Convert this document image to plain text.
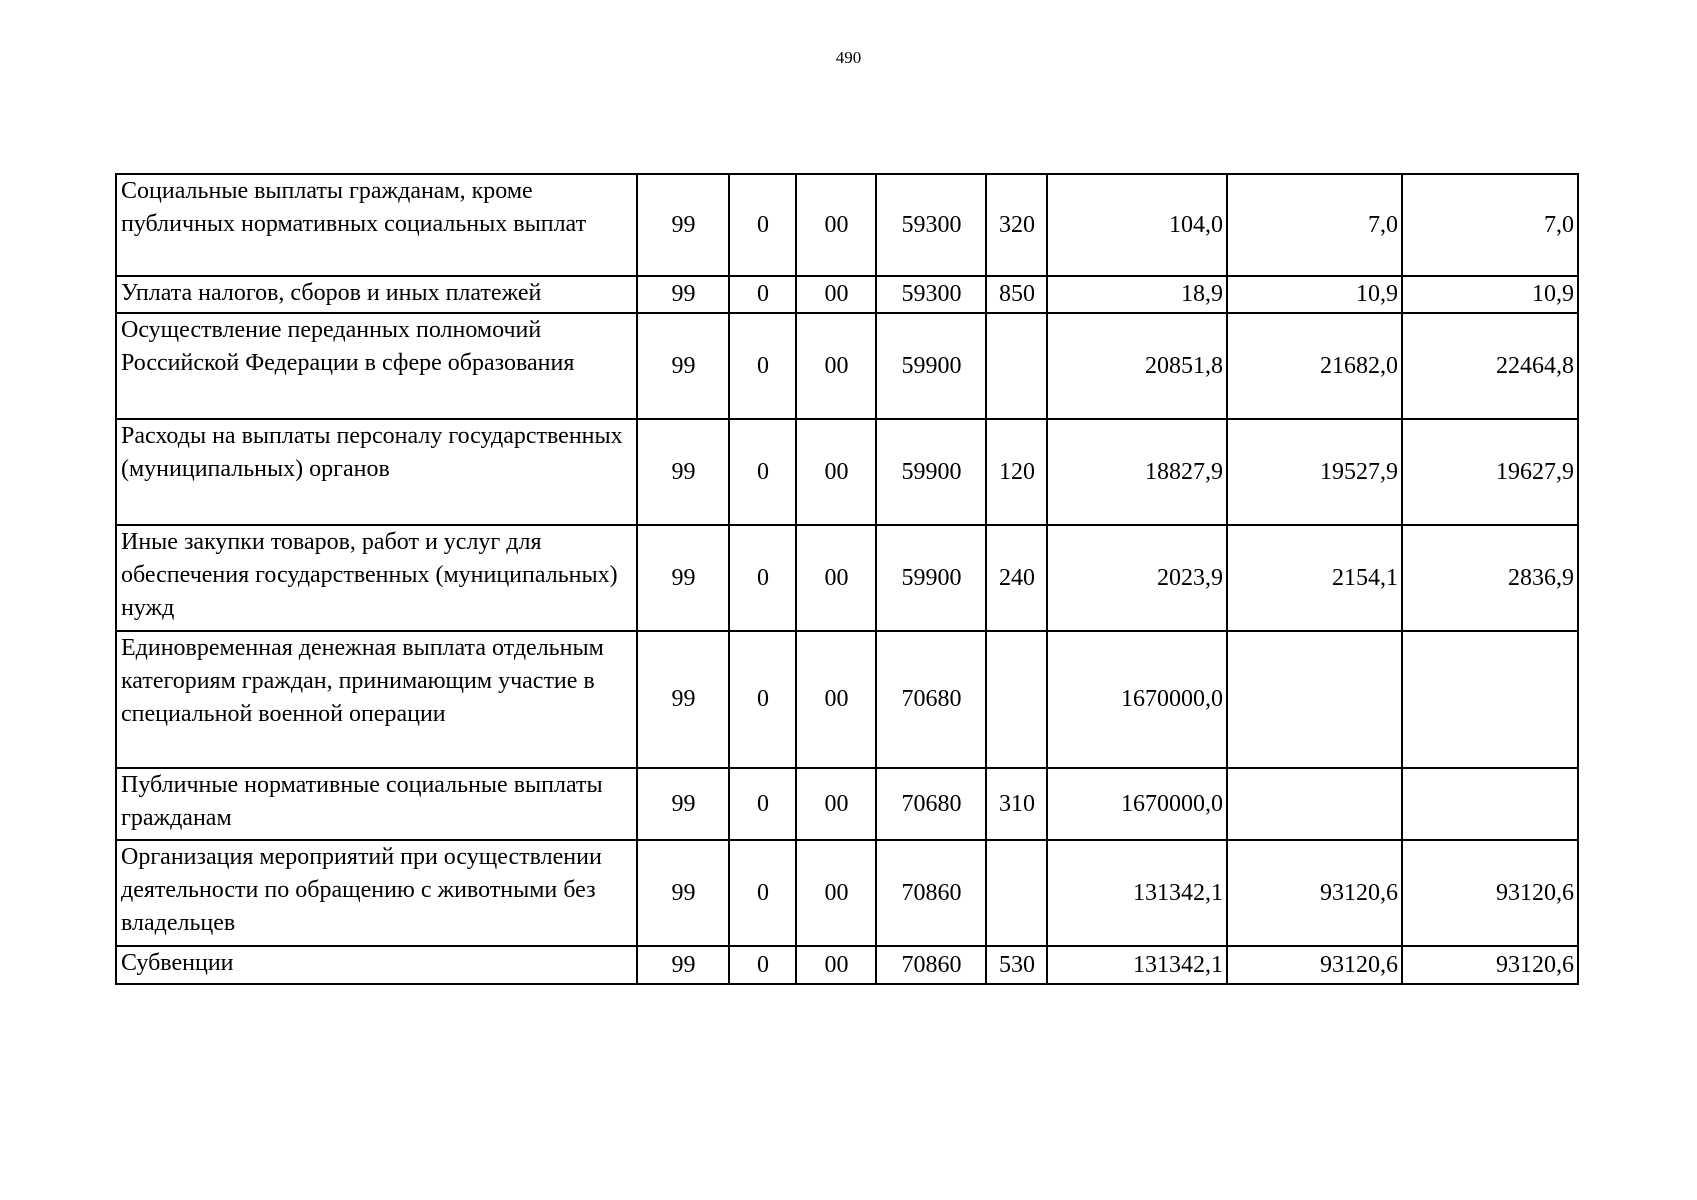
490
Социальные выплаты гражданам, кроме публичных нормативных социальных выплат	99	0	00	59300	320	104,0	7,0	7,0
Уплата налогов, сборов и иных платежей	99	0	00	59300	850	18,9	10,9	10,9
Осуществление переданных полномочий Российской Федерации в сфере образования	99	0	00	59900		20851,8	21682,0	22464,8
Расходы на выплаты персоналу государственных (муниципальных) органов	99	0	00	59900	120	18827,9	19527,9	19627,9
Иные закупки товаров, работ и услуг для обеспечения государственных (муниципальных) нужд	99	0	00	59900	240	2023,9	2154,1	2836,9
Единовременная денежная выплата отдельным категориям граждан, принимающим участие в специальной военной операции	99	0	00	70680		1670000,0		
Публичные нормативные социальные выплаты гражданам	99	0	00	70680	310	1670000,0		
Организация мероприятий при осуществлении деятельности по обращению с животными без владельцев	99	0	00	70860		131342,1	93120,6	93120,6
Субвенции	99	0	00	70860	530	131342,1	93120,6	93120,6
